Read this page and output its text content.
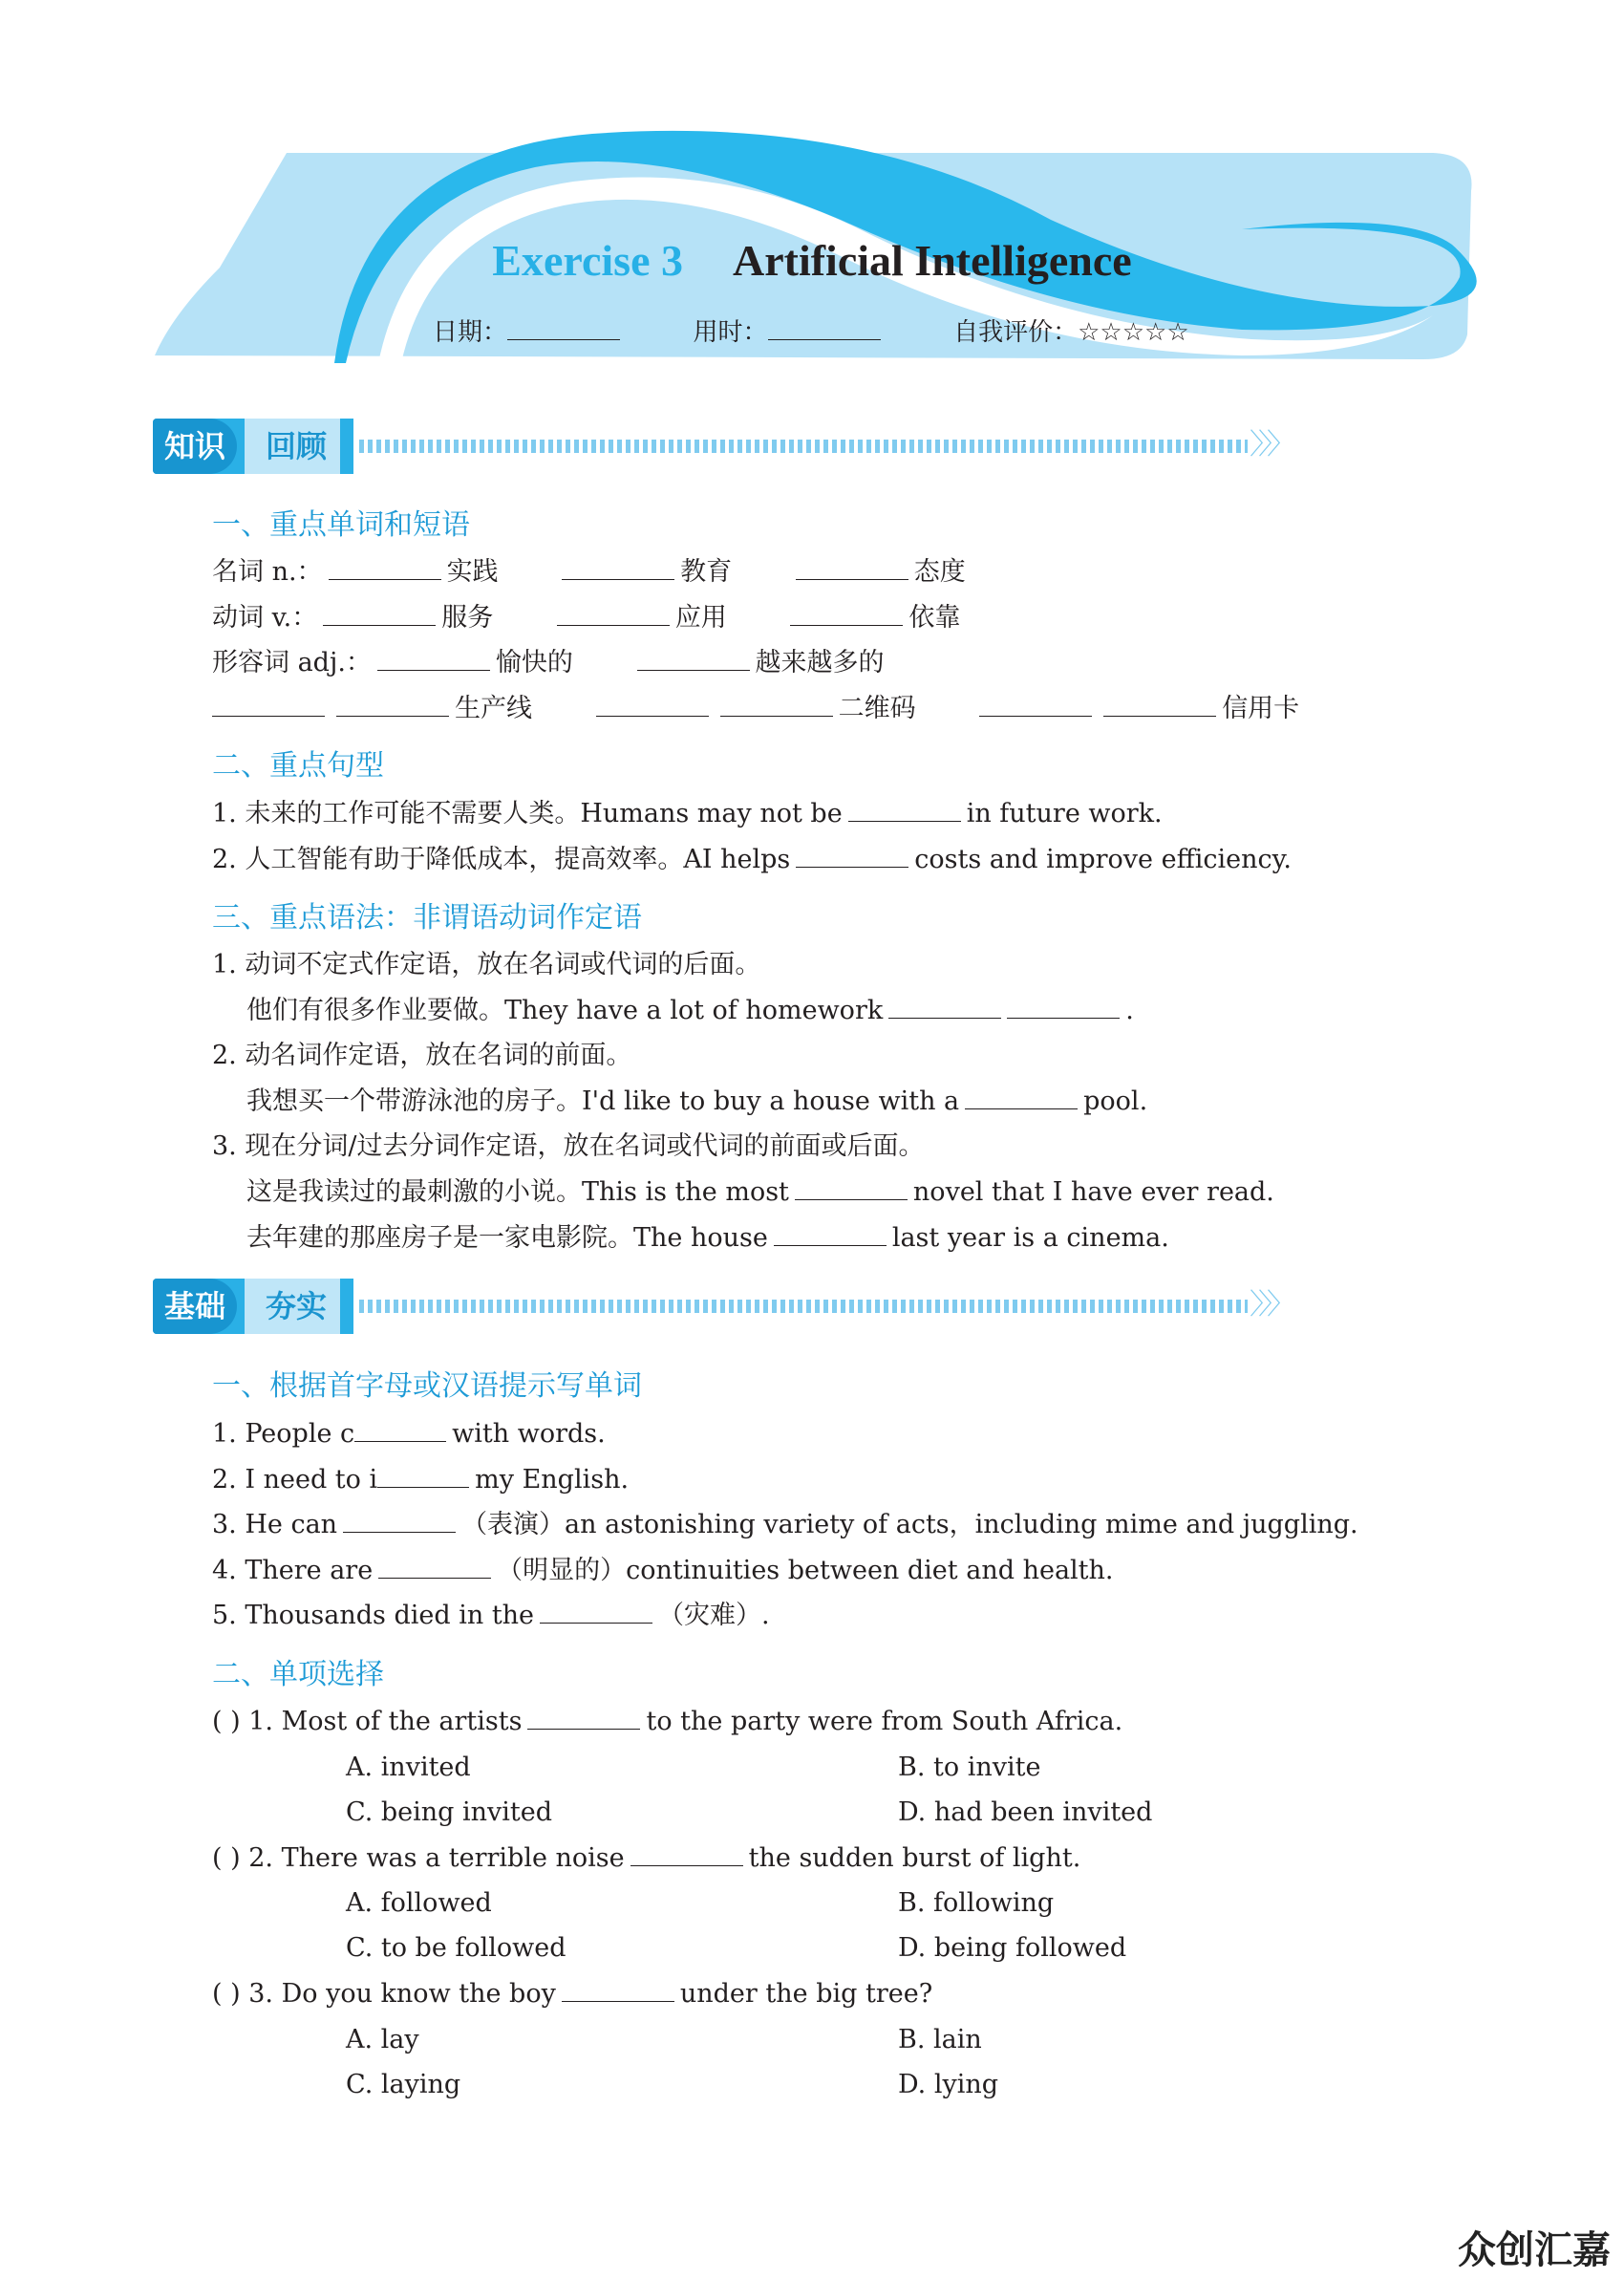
Exercise 3 Artificial Intelligence
日期：	用时：	自我评价：☆☆☆☆☆
知识	回顾	〉〉〉
一、重点单词和短语
名词 n.：	实践	教育	态度
动词 v.：	服务	应用	依靠
形容词 adj.：	愉快的	越来越多的
生产线	二维码	信用卡
二、重点句型
1. 未来的工作可能不需要人类。Humans may not be	in future work.
2. 人工智能有助于降低成本，提高效率。AI helps	costs and improve efficiency.
三、重点语法：非谓语动词作定语
1. 动词不定式作定语，放在名词或代词的后面。
他们有很多作业要做。They have a lot of homework	.
2. 动名词作定语，放在名词的前面。
我想买一个带游泳池的房子。I'd like to buy a house with a	pool.
3. 现在分词/过去分词作定语，放在名词或代词的前面或后面。
这是我读过的最刺激的小说。This is the most	novel that I have ever read.
去年建的那座房子是一家电影院。The house	last year is a cinema.
基础	夯实	〉〉〉
一、根据首字母或汉语提示写单词
1. People c	with words.
2. I need to i	my English.
3. He can	（表演）an astonishing variety of acts，including mime and juggling.
4. There are	（明显的）continuities between diet and health.
5. Thousands died in the	（灾难）.
二、单项选择
( ) 1. Most of the artists	to the party were from South Africa.
A. invited	B. to invite
C. being invited	D. had been invited
( ) 2. There was a terrible noise	the sudden burst of light.
A. followed	B. following
C. to be followed	D. being followed
( ) 3. Do you know the boy	under the big tree?
A. lay	B. lain
C. laying	D. lying
众创汇嘉
